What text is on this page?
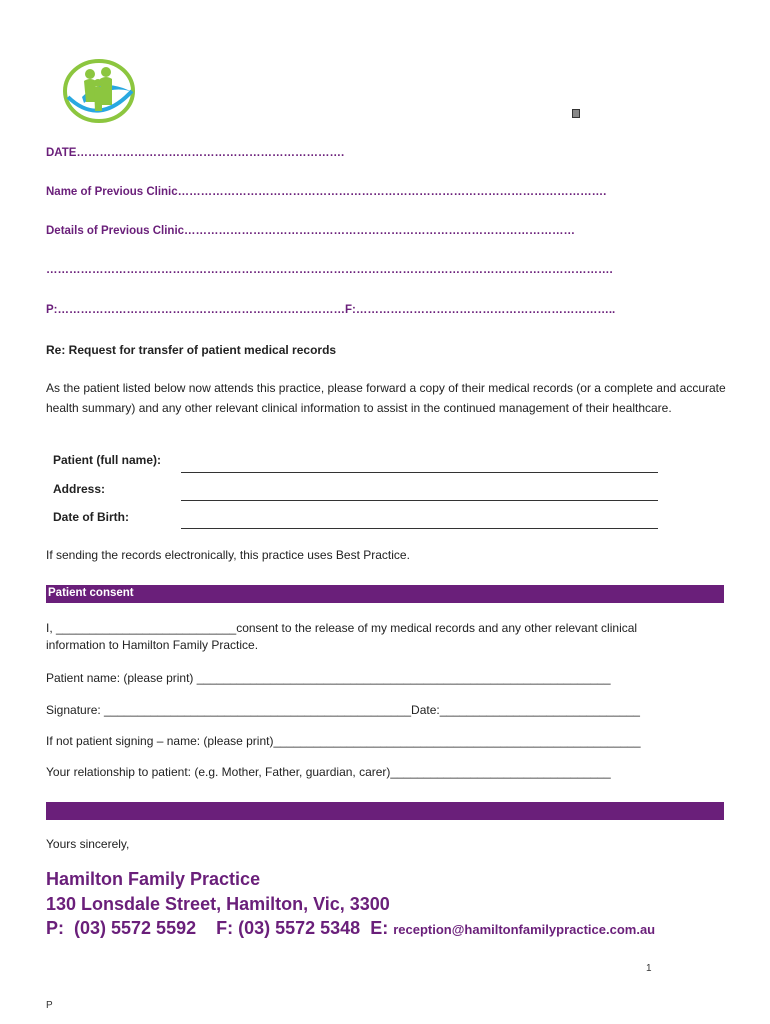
DATE…………………………………………………………….
Name of Previous Clinic………………………………………………………………………………………………….
Details of Previous Clinic…………………………………………………………………………………………
………………………………………………………………………………………………………………………………….
P:…………………………………………………………………F:…………………………………………………………..
Re: Request for transfer of patient medical records
As the patient listed below now attends this practice, please forward a copy of their medical records (or a complete and accurate health summary) and any other relevant clinical information to assist in the continued management of their healthcare.
Patient (full name):
Address:
Date of Birth:
If sending the records electronically, this practice uses Best Practice.
Patient consent
I, ___________________________consent to the release of my medical records and any other relevant clinical
information to Hamilton Family Practice.
Patient name: (please print) ______________________________________________________________
Signature: ______________________________________________Date:______________________________
If not patient signing – name: (please print)_______________________________________________________
Your relationship to patient: (e.g. Mother, Father, guardian, carer)_________________________________
Yours sincerely,
Hamilton Family Practice
130 Lonsdale Street, Hamilton, Vic, 3300
P:  (03) 5572 5592    F: (03) 5572 5348  E: reception@hamiltonfamilypractice.com.au
1
P
